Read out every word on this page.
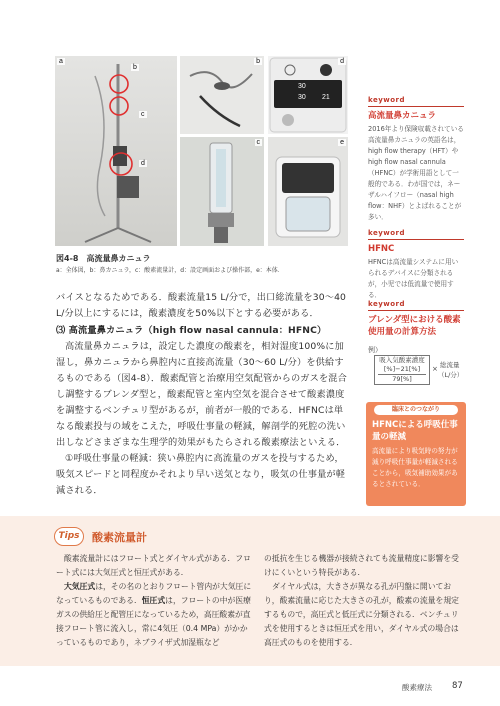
a
b
c
d
b
30
30 21
d
c	e
図4-8　高流量鼻カニュラ
a：全体図，b：鼻カニュラ，c：酸素流量計，d：設定画面および操作部，e：本体．

バイスとなるためである．酸素流量15 L/分で，出口総流量を30〜40 L/分以上にするには，酸素濃度を50%以下とする必要がある．

⑶ 高流量鼻カニュラ（high flow nasal cannula：HFNC）

高流量鼻カニュラは，設定した濃度の酸素を，相対湿度100%に加湿し，鼻カニュラから鼻腔内に直接高流量（30〜60 L/分）を供給するものである（図4-8）．酸素配管と治療用空気配管からのガスを混合し調整するブレンダ型と，酸素配管と室内空気を混合させて酸素濃度を調整するベンチュリ型があるが，前者が一般的である．HFNCは単なる酸素投与の域をこえた，呼吸仕事量の軽減，解剖学的死腔の洗い出しなどさまざまな生理学的効果がもたらされる酸素療法といえる．

①呼吸仕事量の軽減：狭い鼻腔内に高流量のガスを投与するため，吸気スピードと同程度かそれより早い送気となり，吸気の仕事量が軽減される．

keyword
高流量鼻カニュラ
2016年より保険収載されている高流量鼻カニュラの英語名は，high flow therapy（HFT）やhigh flow nasal cannula（HFNC）が学術用語として一般的である．わが国では，ネーザルハイフロー（nasal high flow：NHF）とよばれることが多い．
keyword
HFNC
HFNCは高流量システムに用いられるデバイスに分類されるが，小児では低流量で使用する．
keyword
ブレンダ型における酸素使用量の計算方法
例）
吸入気酸素濃度
[%]−21[%]
79[%]
× 総流量
（L/分）
臨床とのつながり
HFNCによる呼吸仕事量の軽減
高流量により吸気時の努力が減り呼吸仕事量が軽減されることから，吸気補助効果があるとされている．
Tips	酸素流量計
酸素流量計にはフロート式とダイヤル式がある．フロート式には大気圧式と恒圧式がある．
大気圧式は，その名のとおりフロート管内が大気圧になっているものである．恒圧式は，フロートの中が医療ガスの供給圧と配管圧になっているため，高圧酸素が直接フロート管に流入し，常に4気圧（0.4 MPa）がかかっているものであり，ネブライザ式加湿瓶など
の抵抗を生じる機器が接続されても流量精度に影響を受けにくいという特長がある．
ダイヤル式は，大きさが異なる孔が円盤に開いており，酸素流量に応じた大きさの孔が，酸素の流量を規定するもので，高圧式と低圧式に分類される．ベンチュリ式を使用するときは恒圧式を用い，ダイヤル式の場合は高圧式のものを使用する．
酸素療法 87
